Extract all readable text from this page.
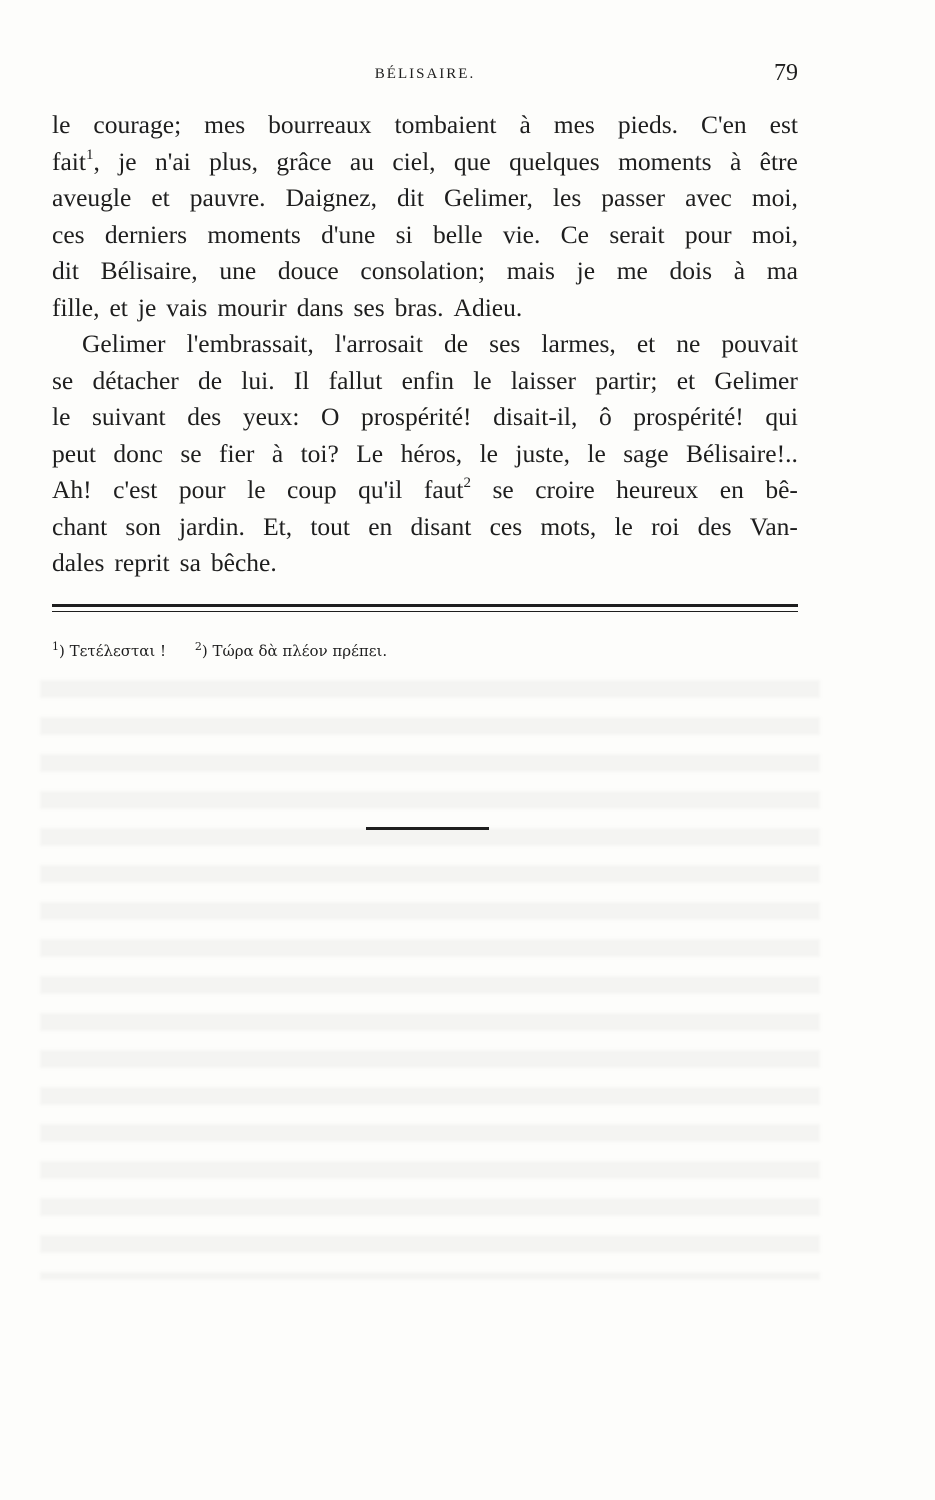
BÉLISAIRE.	79
le courage; mes bourreaux tombaient à mes pieds. C'en est
fait$^1$, je n'ai plus, grâce au ciel, que quelques moments à être
aveugle et pauvre. Daignez, dit Gelimer, les passer avec moi,
ces derniers moments d'une si belle vie. Ce serait pour moi,
dit Bélisaire, une douce consolation; mais je me dois à ma
fille, et je vais mourir dans ses bras. Adieu.
Gelimer l'embrassait, l'arrosait de ses larmes, et ne pouvait
se détacher de lui. Il fallut enfin le laisser partir; et Gelimer
le suivant des yeux: O prospérité! disait-il, ô prospérité! qui
peut donc se fier à toi? Le héros, le juste, le sage Bélisaire!..
Ah! c'est pour le coup qu'il faut$^2$ se croire heureux en bê-
chant son jardin. Et, tout en disant ces mots, le roi des Van-
dales reprit sa bêche.
$^1$) Τετέλεσται !	$^2$) Τώρα δὰ πλέον πρέπει.
